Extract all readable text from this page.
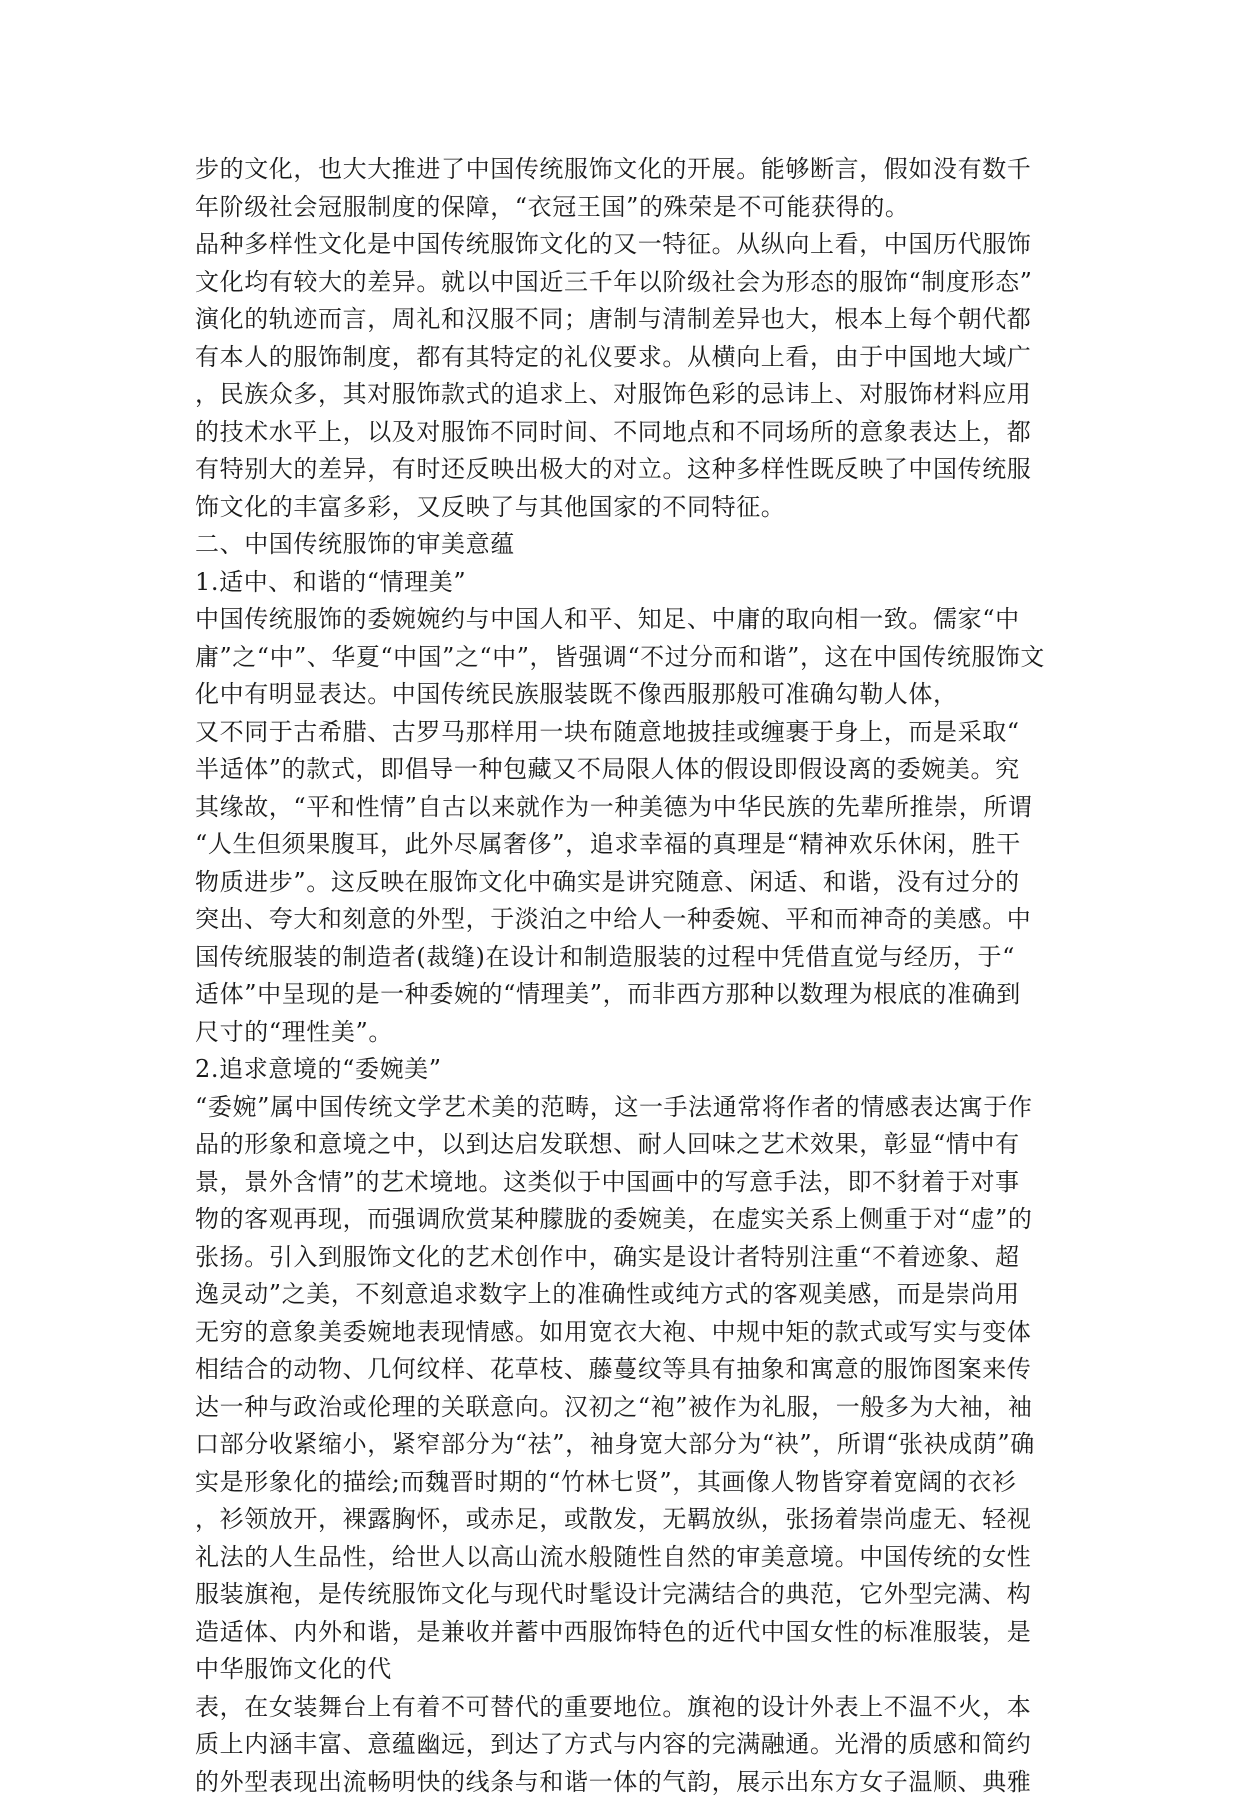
步的文化，也大大推进了中国传统服饰文化的开展。能够断言，假如没有数千
年阶级社会冠服制度的保障，“衣冠王国”的殊荣是不可能获得的。
品种多样性文化是中国传统服饰文化的又一特征。从纵向上看，中国历代服饰
文化均有较大的差异。就以中国近三千年以阶级社会为形态的服饰“制度形态”
演化的轨迹而言，周礼和汉服不同；唐制与清制差异也大，根本上每个朝代都
有本人的服饰制度，都有其特定的礼仪要求。从横向上看，由于中国地大域广
，民族众多，其对服饰款式的追求上、对服饰色彩的忌讳上、对服饰材料应用
的技术水平上，以及对服饰不同时间、不同地点和不同场所的意象表达上，都
有特别大的差异，有时还反映出极大的对立。这种多样性既反映了中国传统服
饰文化的丰富多彩，又反映了与其他国家的不同特征。
二、中国传统服饰的审美意蕴
1.适中、和谐的“情理美”
中国传统服饰的委婉婉约与中国人和平、知足、中庸的取向相一致。儒家“中
庸”之“中”、华夏“中国”之“中”，皆强调“不过分而和谐”，这在中国传统服饰文
化中有明显表达。中国传统民族服装既不像西服那般可准确勾勒人体，
又不同于古希腊、古罗马那样用一块布随意地披挂或缠裹于身上，而是采取“
半适体”的款式，即倡导一种包藏又不局限人体的假设即假设离的委婉美。究
其缘故，“平和性情”自古以来就作为一种美德为中华民族的先辈所推崇，所谓
“人生但须果腹耳，此外尽属奢侈”，追求幸福的真理是“精神欢乐休闲，胜干
物质进步”。这反映在服饰文化中确实是讲究随意、闲适、和谐，没有过分的
突出、夸大和刻意的外型，于淡泊之中给人一种委婉、平和而神奇的美感。中
国传统服装的制造者(裁缝)在设计和制造服装的过程中凭借直觉与经历，于“
适体”中呈现的是一种委婉的“情理美”，而非西方那种以数理为根底的准确到
尺寸的“理性美”。
2.追求意境的“委婉美”
“委婉”属中国传统文学艺术美的范畴，这一手法通常将作者的情感表达寓于作
品的形象和意境之中，以到达启发联想、耐人回味之艺术效果，彰显“情中有
景，景外含情”的艺术境地。这类似于中国画中的写意手法，即不豺着于对事
物的客观再现，而强调欣赏某种朦胧的委婉美，在虚实关系上侧重于对“虚”的
张扬。引入到服饰文化的艺术创作中，确实是设计者特别注重“不着迹象、超
逸灵动”之美，不刻意追求数字上的准确性或纯方式的客观美感，而是崇尚用
无穷的意象美委婉地表现情感。如用宽衣大袍、中规中矩的款式或写实与变体
相结合的动物、几何纹样、花草枝、藤蔓纹等具有抽象和寓意的服饰图案来传
达一种与政治或伦理的关联意向。汉初之“袍”被作为礼服，一般多为大袖，袖
口部分收紧缩小，紧窄部分为“祛”，袖身宽大部分为“袂”，所谓“张袂成荫”确
实是形象化的描绘;而魏晋时期的“竹林七贤”，其画像人物皆穿着宽阔的衣衫
，衫领放开，裸露胸怀，或赤足，或散发，无羁放纵，张扬着崇尚虚无、轻视
礼法的人生品性，给世人以高山流水般随性自然的审美意境。中国传统的女性
服装旗袍，是传统服饰文化与现代时髦设计完满结合的典范，它外型完满、构
造适体、内外和谐，是兼收并蓄中西服饰特色的近代中国女性的标准服装，是
中华服饰文化的代
表，在女装舞台上有着不可替代的重要地位。旗袍的设计外表上不温不火，本
质上内涵丰富、意蕴幽远，到达了方式与内容的完满融通。光滑的质感和简约
的外型表现出流畅明快的线条与和谐一体的气韵，展示出东方女子温顺、典雅
